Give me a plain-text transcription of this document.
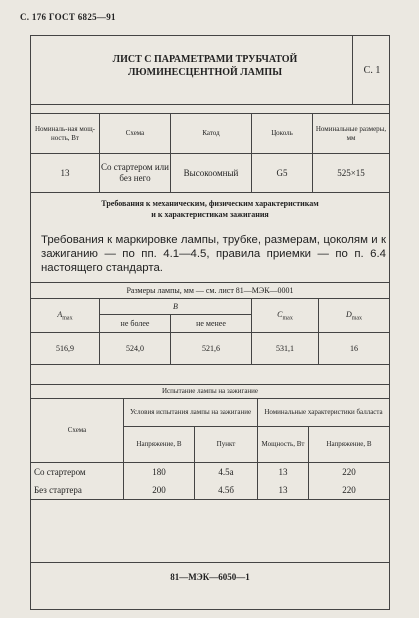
С. 176 ГОСТ 6825—91
ЛИСТ С ПАРАМЕТРАМИ ТРУБЧАТОЙ
ЛЮМИНЕСЦЕНТНОЙ ЛАМПЫ	С. 1
Номиналь-ная мощ-ность, Вт	Схема	Катод	Цоколь	Номинальные размеры, мм
13	Со стартером или без него	Высокоомный	G5	525×15
Требования к механическим, физическим характеристикам
и к характеристикам зажигания
Требования к маркировке лампы, трубке, размерам, цоколям и к зажиганию — по пп. 4.1—4.5, правила приемки — по п. 6.4 настоящего стандарта.
Размеры лампы, мм — см. лист 81—МЭК—0001				
$A_{max}$	B		$C_{max}$	$D_{max}$
	не более	не менее		
516,9	524,0	521,6	531,1	16
Испытание лампы на зажигание				
Схема	Условия испытания лампы на зажигание		Номинальные характеристики балласта	
	Напряжение, В	Пункт	Мощность, Вт	Напряжение, В
Со стартером	180	4.5а	13	220
Без стартера	200	4.5б	13	220
81—МЭК—6050—1
